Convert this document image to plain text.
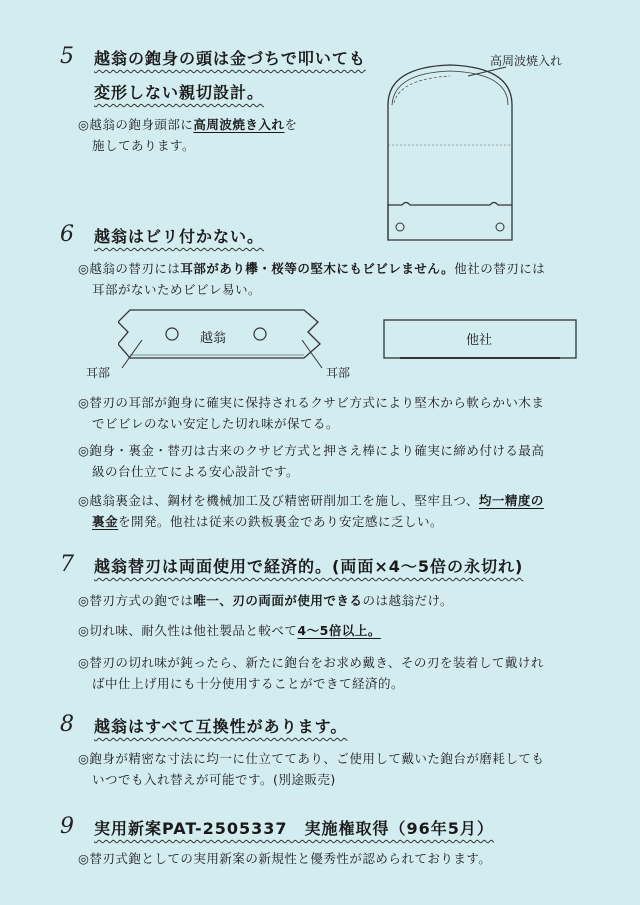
5 越翁の鉋身の頭は金づちで叩いても
変形しない親切設計。
◎越翁の鉋身頭部に高周波焼き入れを
施してあります。
高周波焼入れ
6 越翁はビリ付かない。
◎越翁の替刃には耳部があり欅・桜等の堅木にもビビレません。他社の替刃には
耳部がないためビビレ易い。
越翁	他社
耳部	耳部
◎替刃の耳部が鉋身に確実に保持されるクサビ方式により堅木から軟らかい木ま
でビビレのない安定した切れ味が保てる。
◎鉋身・裏金・替刃は古来のクサビ方式と押さえ棒により確実に締め付ける最高
級の台仕立てによる安心設計です。
◎越翁裏金は、鋼材を機械加工及び精密研削加工を施し、堅牢且つ、均一精度の
裏金を開発。他社は従来の鉄板裏金であり安定感に乏しい。
7 越翁替刃は両面使用で経済的。(両面×4～5倍の永切れ)
◎替刃方式の鉋では唯一、刃の両面が使用できるのは越翁だけ。
◎切れ味、耐久性は他社製品と較べて4～5倍以上。
◎替刃の切れ味が鈍ったら、新たに鉋台をお求め戴き、その刃を装着して戴けれ
ば中仕上げ用にも十分使用することができて経済的。
8 越翁はすべて互換性があります。
◎鉋身が精密な寸法に均一に仕立ててあり、ご使用して戴いた鉋台が磨耗しても
いつでも入れ替えが可能です。(別途販売)
9 実用新案PAT-2505337　実施権取得（96年5月）
◎替刃式鉋としての実用新案の新規性と優秀性が認められております。
